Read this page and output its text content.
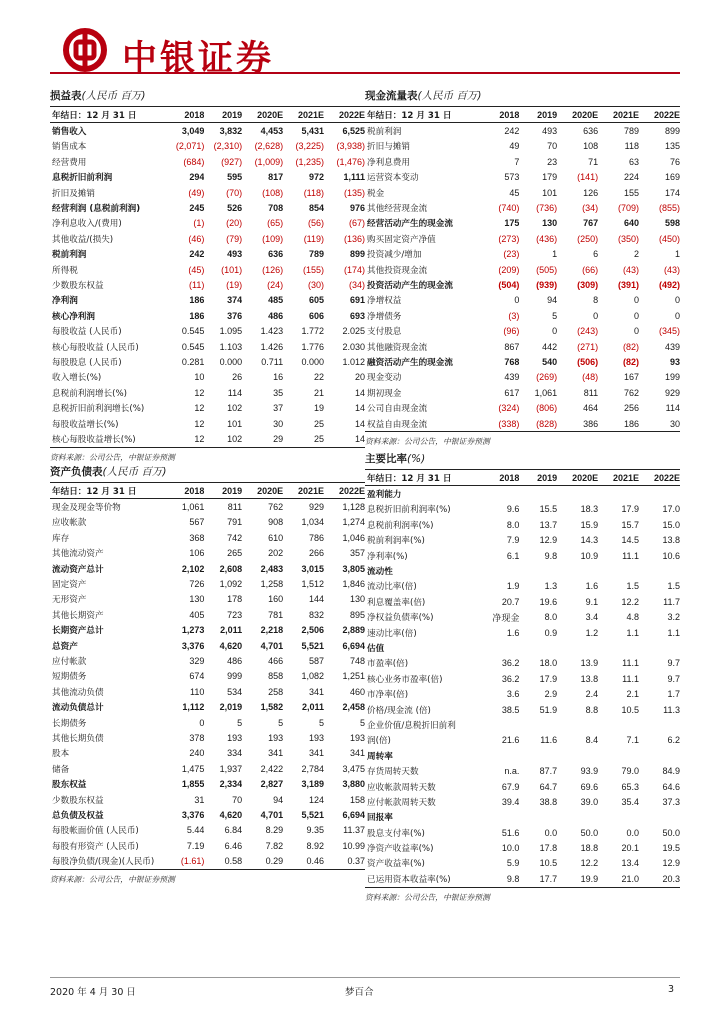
中银证券
损益表(人民币 百万)
年结日：12 月 31 日	2018	2019	2020E	2021E	2022E
销售收入	3,049	3,832	4,453	5,431	6,525
销售成本	(2,071)	(2,310)	(2,628)	(3,225)	(3,938)
经营费用	(684)	(927)	(1,009)	(1,235)	(1,476)
息税折旧前利润	294	595	817	972	1,111
折旧及摊销	(49)	(70)	(108)	(118)	(135)
经营利润 (息税前利润)	245	526	708	854	976
净利息收入/(费用)	(1)	(20)	(65)	(56)	(67)
其他收益/(损失)	(46)	(79)	(109)	(119)	(136)
税前利润	242	493	636	789	899
所得税	(45)	(101)	(126)	(155)	(174)
少数股东权益	(11)	(19)	(24)	(30)	(34)
净利润	186	374	485	605	691
核心净利润	186	376	486	606	693
每股收益 (人民币)	0.545	1.095	1.423	1.772	2.025
核心每股收益 (人民币)	0.545	1.103	1.426	1.776	2.030
每股股息 (人民币)	0.281	0.000	0.711	0.000	1.012
收入增长(%)	10	26	16	22	20
息税前利润增长(%)	12	114	35	21	14
息税折旧前利润增长(%)	12	102	37	19	14
每股收益增长(%)	12	101	30	25	14
核心每股收益增长(%)	12	102	29	25	14
资料来源：公司公告，中银证券预测
资产负债表(人民币 百万)
年结日：12 月 31 日	2018	2019	2020E	2021E	2022E
现金及现金等价物	1,061	811	762	929	1,128
应收帐款	567	791	908	1,034	1,274
库存	368	742	610	786	1,046
其他流动资产	106	265	202	266	357
流动资产总计	2,102	2,608	2,483	3,015	3,805
固定资产	726	1,092	1,258	1,512	1,846
无形资产	130	178	160	144	130
其他长期资产	405	723	781	832	895
长期资产总计	1,273	2,011	2,218	2,506	2,889
总资产	3,376	4,620	4,701	5,521	6,694
应付帐款	329	486	466	587	748
短期债务	674	999	858	1,082	1,251
其他流动负债	110	534	258	341	460
流动负债总计	1,112	2,019	1,582	2,011	2,458
长期债务	0	5	5	5	5
其他长期负债	378	193	193	193	193
股本	240	334	341	341	341
储备	1,475	1,937	2,422	2,784	3,475
股东权益	1,855	2,334	2,827	3,189	3,880
少数股东权益	31	70	94	124	158
总负债及权益	3,376	4,620	4,701	5,521	6,694
每股帐面价值 (人民币)	5.44	6.84	8.29	9.35	11.37
每股有形资产 (人民币)	7.19	6.46	7.82	8.92	10.99
每股净负债/(现金)(人民币)	(1.61)	0.58	0.29	0.46	0.37
资料来源：公司公告，中银证券预测
现金流量表(人民币 百万)
年结日：12 月 31 日	2018	2019	2020E	2021E	2022E
税前利润	242	493	636	789	899
折旧与摊销	49	70	108	118	135
净利息费用	7	23	71	63	76
运营资本变动	573	179	(141)	224	169
税金	45	101	126	155	174
其他经营现金流	(740)	(736)	(34)	(709)	(855)
经营活动产生的现金流	175	130	767	640	598
购买固定资产净值	(273)	(436)	(250)	(350)	(450)
投资减少/增加	(23)	1	6	2	1
其他投资现金流	(209)	(505)	(66)	(43)	(43)
投资活动产生的现金流	(504)	(939)	(309)	(391)	(492)
净增权益	0	94	8	0	0
净增债务	(3)	5	0	0	0
支付股息	(96)	0	(243)	0	(345)
其他融资现金流	867	442	(271)	(82)	439
融资活动产生的现金流	768	540	(506)	(82)	93
现金变动	439	(269)	(48)	167	199
期初现金	617	1,061	811	762	929
公司自由现金流	(324)	(806)	464	256	114
权益自由现金流	(338)	(828)	386	186	30
资料来源：公司公告，中银证券预测
主要比率(%)
年结日：12 月 31 日	2018	2019	2020E	2021E	2022E
盈利能力					
息税折旧前利润率(%)	9.6	15.5	18.3	17.9	17.0
息税前利润率(%)	8.0	13.7	15.9	15.7	15.0
税前利润率(%)	7.9	12.9	14.3	14.5	13.8
净利率(%)	6.1	9.8	10.9	11.1	10.6
流动性					
流动比率(倍)	1.9	1.3	1.6	1.5	1.5
利息覆盖率(倍)	20.7	19.6	9.1	12.2	11.7
净权益负债率(%)	净现金	8.0	3.4	4.8	3.2
速动比率(倍)	1.6	0.9	1.2	1.1	1.1
估值					
市盈率(倍)	36.2	18.0	13.9	11.1	9.7
核心业务市盈率(倍)	36.2	17.9	13.8	11.1	9.7
市净率(倍)	3.6	2.9	2.4	2.1	1.7
价格/现金流 (倍)	38.5	51.9	8.8	10.5	11.3
企业价值/息税折旧前利					
润(倍)	21.6	11.6	8.4	7.1	6.2
周转率					
存货周转天数	n.a.	87.7	93.9	79.0	84.9
应收帐款周转天数	67.9	64.7	69.6	65.3	64.6
应付帐款周转天数	39.4	38.8	39.0	35.4	37.3
回报率					
股息支付率(%)	51.6	0.0	50.0	0.0	50.0
净资产收益率(%)	10.0	17.8	18.8	20.1	19.5
资产收益率(%)	5.9	10.5	12.2	13.4	12.9
已运用资本收益率(%)	9.8	17.7	19.9	21.0	20.3
资料来源：公司公告，中银证券预测
2020 年 4 月 30 日	梦百合	3
